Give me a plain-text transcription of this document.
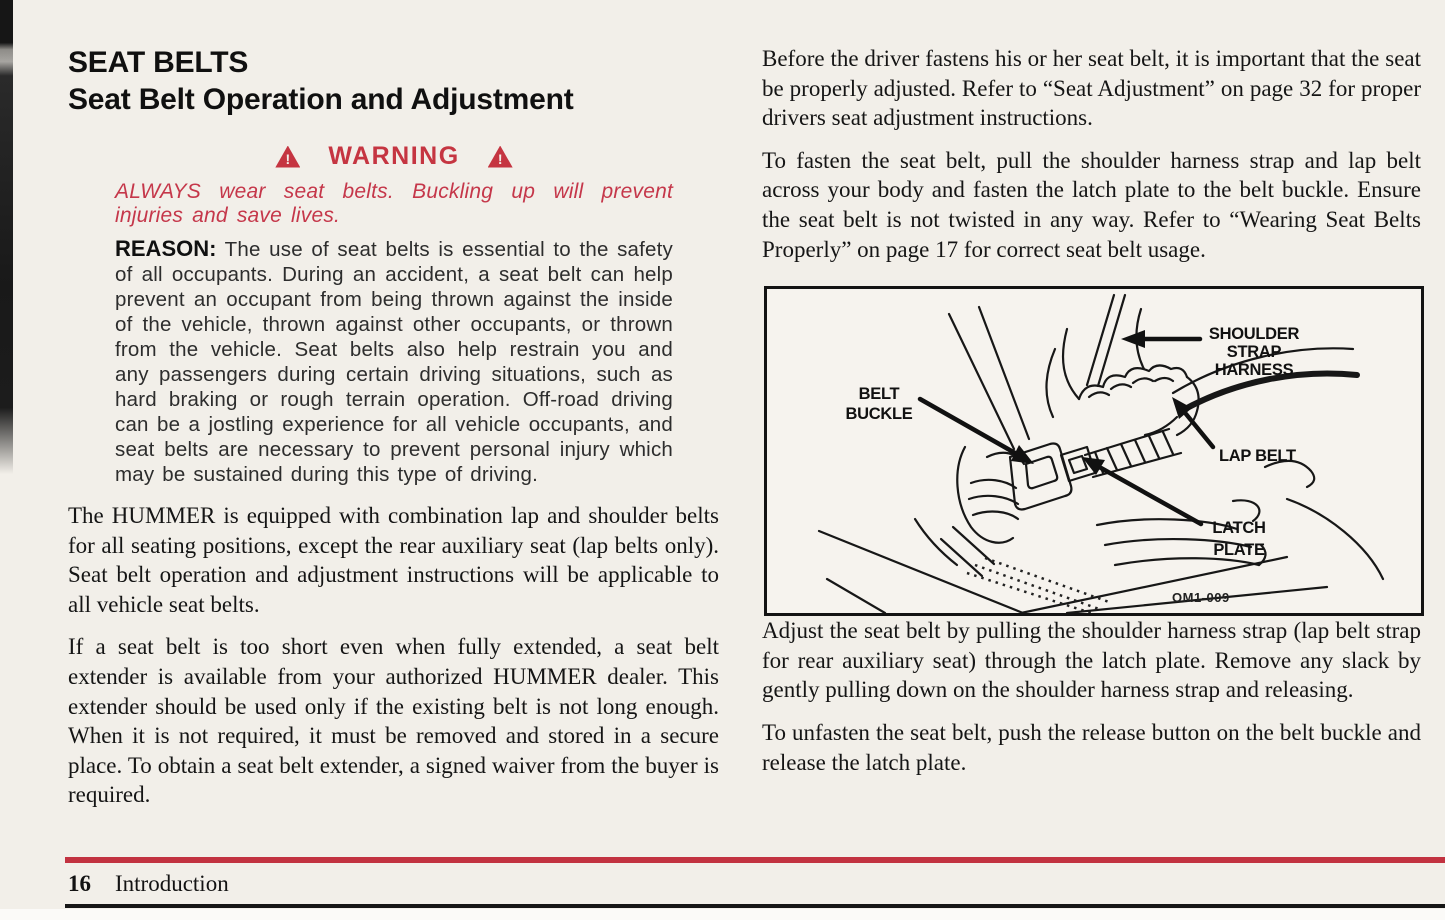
SEAT BELTS
Seat Belt Operation and Adjustment
!
WARNING
!
ALWAYS wear seat belts. Buckling up will prevent injuries and save lives.
REASON: The use of seat belts is essential to the safety of all occupants. During an accident, a seat belt can help prevent an occupant from being thrown against the inside of the vehicle, thrown against other occupants, or thrown from the vehicle. Seat belts also help restrain you and any passengers during certain driving situations, such as hard braking or rough terrain operation. Off-road driving can be a jostling experience for all vehicle occupants, and seat belts are necessary to prevent personal injury which may be sustained during this type of driving.

The HUMMER is equipped with combination lap and shoulder belts for all seating positions, except the rear auxiliary seat (lap belts only). Seat belt operation and adjustment instructions will be applicable to all vehicle seat belts.

If a seat belt is too short even when fully extended, a seat belt extender is available from your authorized HUMMER dealer. This extender should be used only if the existing belt is not long enough. When it is not required, it must be removed and stored in a secure place. To obtain a seat belt extender, a signed waiver from the buyer is required.

Before the driver fastens his or her seat belt, it is important that the seat be properly adjusted. Refer to “Seat Adjustment” on page 32 for proper drivers seat adjustment instructions.

To fasten the seat belt, pull the shoulder harness strap and lap belt across your body and fasten the latch plate to the belt buckle. Ensure the seat belt is not twisted in any way. Refer to “Wearing Seat Belts Properly” on page 17 for correct seat belt usage.

SHOULDER
STRAP
HARNESS
BELT
BUCKLE
LAP BELT
LATCH
PLATE
OM1-009

Adjust the seat belt by pulling the shoulder harness strap (lap belt strap for rear auxiliary seat) through the latch plate. Remove any slack by gently pulling down on the shoulder harness strap and releasing.

To unfasten the seat belt, push the release button on the belt buckle and release the latch plate.

16 Introduction
